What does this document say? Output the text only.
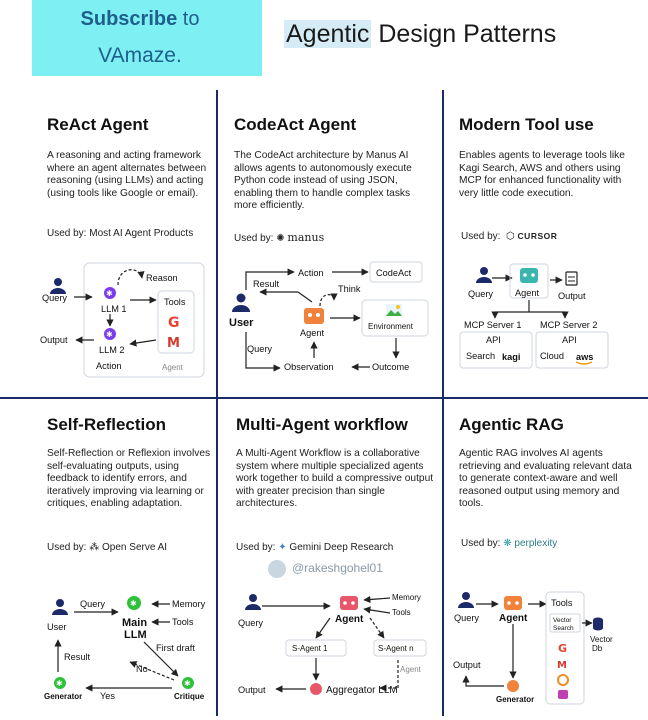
Subscribe to
VAmaze.
Agentic Design Patterns
ReAct Agent
A reasoning and acting framework where an agent alternates between reasoning (using LLMs) and acting (using tools like Google or email).
Used by: Most AI Agent Products
CodeAct Agent
The CodeAct architecture by Manus AI allows agents to autonomously execute Python code instead of using JSON, enabling them to handle complex tasks more efficiently.
Used by: ✺ manus
Modern Tool use
Enables agents to leverage tools like Kagi Search, AWS and others using MCP for enhanced functionality with very little code execution.
Used by:  ⬡ CURSOR
Self-Reflection
Self-Reflection or Reflexion involves self-evaluating outputs, using feedback to identify errors, and iteratively improving via learning or critiques, enabling adaptation.
Used by: ⁂ Open Serve AI
Multi-Agent workflow
A Multi-Agent Workflow is a collaborative system where multiple specialized agents work together to build a compressive output with greater precision than single architectures.
Used by: ✦ Gemini Deep Research
@rakeshgohel01
Agentic RAG
Agentic RAG involves AI agents retrieving and evaluating relevant data to generate context-aware and well reasoned output using memory and tools.
Used by: ❋ perplexity
Agent
Query	✱
LLM 1
Reason
Tools
G
M
✱
LLM 2
Output
Action
User
Action	CodeAct
Result	Think
Agent
Environment
Query
Observation	Outcome
Query Agent Output
MCP Server 1 MCP Server 2
API	API
Search kagi Cloud aws
User
Query	✱
Main
LLM
Memory
Tools
First draft
No
Result
✱
Generator Yes
✱
Critique
Query	Agent
Memory
Tools
S-Agent 1	S-Agent n
Agent
Aggregator LLM
Output
Query Agent
Tools
Vector
Search
Vector
Db
G
M
Generator
Output
